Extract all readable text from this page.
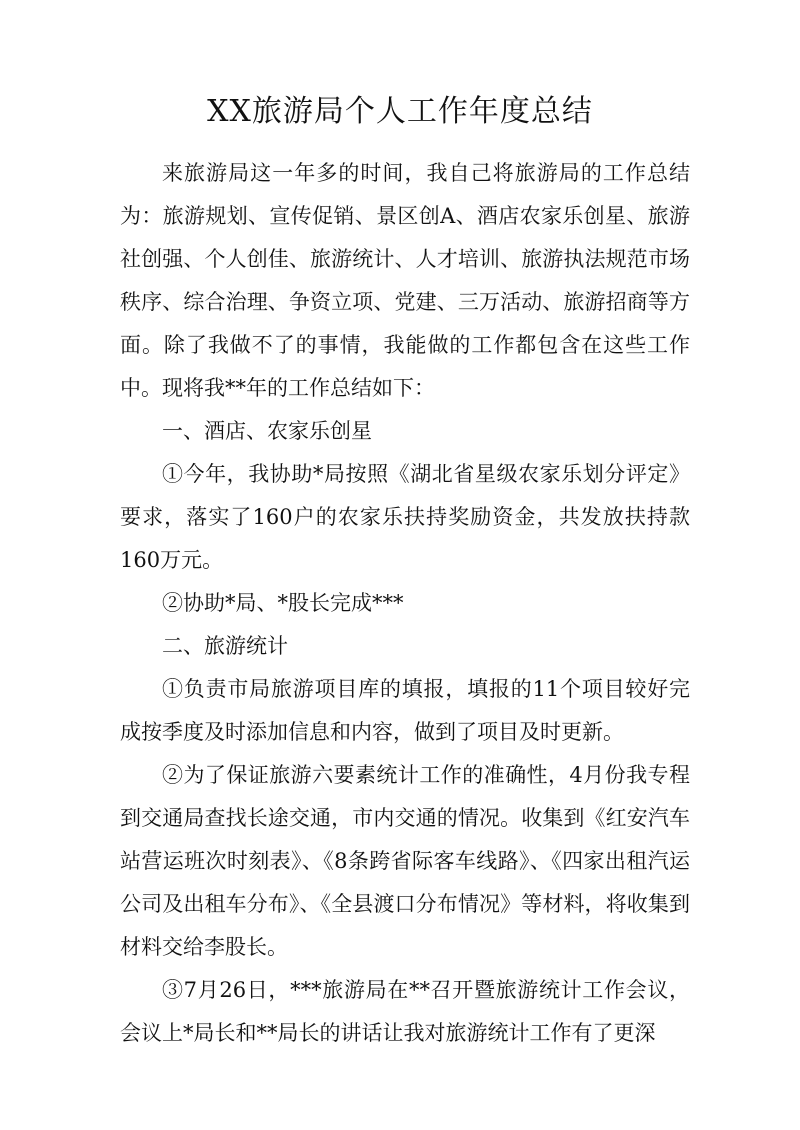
XX旅游局个人工作年度总结

来旅游局这一年多的时间，我自己将旅游局的工作总结为：旅游规划、宣传促销、景区创A、酒店农家乐创星、旅游社创强、个人创佳、旅游统计、人才培训、旅游执法规范市场秩序、综合治理、争资立项、党建、三万活动、旅游招商等方面。除了我做不了的事情，我能做的工作都包含在这些工作中。现将我**年的工作总结如下：

一、酒店、农家乐创星

①今年，我协助*局按照《湖北省星级农家乐划分评定》要求，落实了160户的农家乐扶持奖励资金，共发放扶持款160万元。

②协助*局、*股长完成***

二、旅游统计

①负责市局旅游项目库的填报，填报的11个项目较好完成按季度及时添加信息和内容，做到了项目及时更新。

②为了保证旅游六要素统计工作的准确性，4月份我专程到交通局查找长途交通，市内交通的情况。收集到《红安汽车站营运班次时刻表》、《8条跨省际客车线路》、《四家出租汽运公司及出租车分布》、《全县渡口分布情况》等材料，将收集到材料交给李股长。

③7月26日，***旅游局在**召开暨旅游统计工作会议，会议上*局长和**局长的讲话让我对旅游统计工作有了更深
